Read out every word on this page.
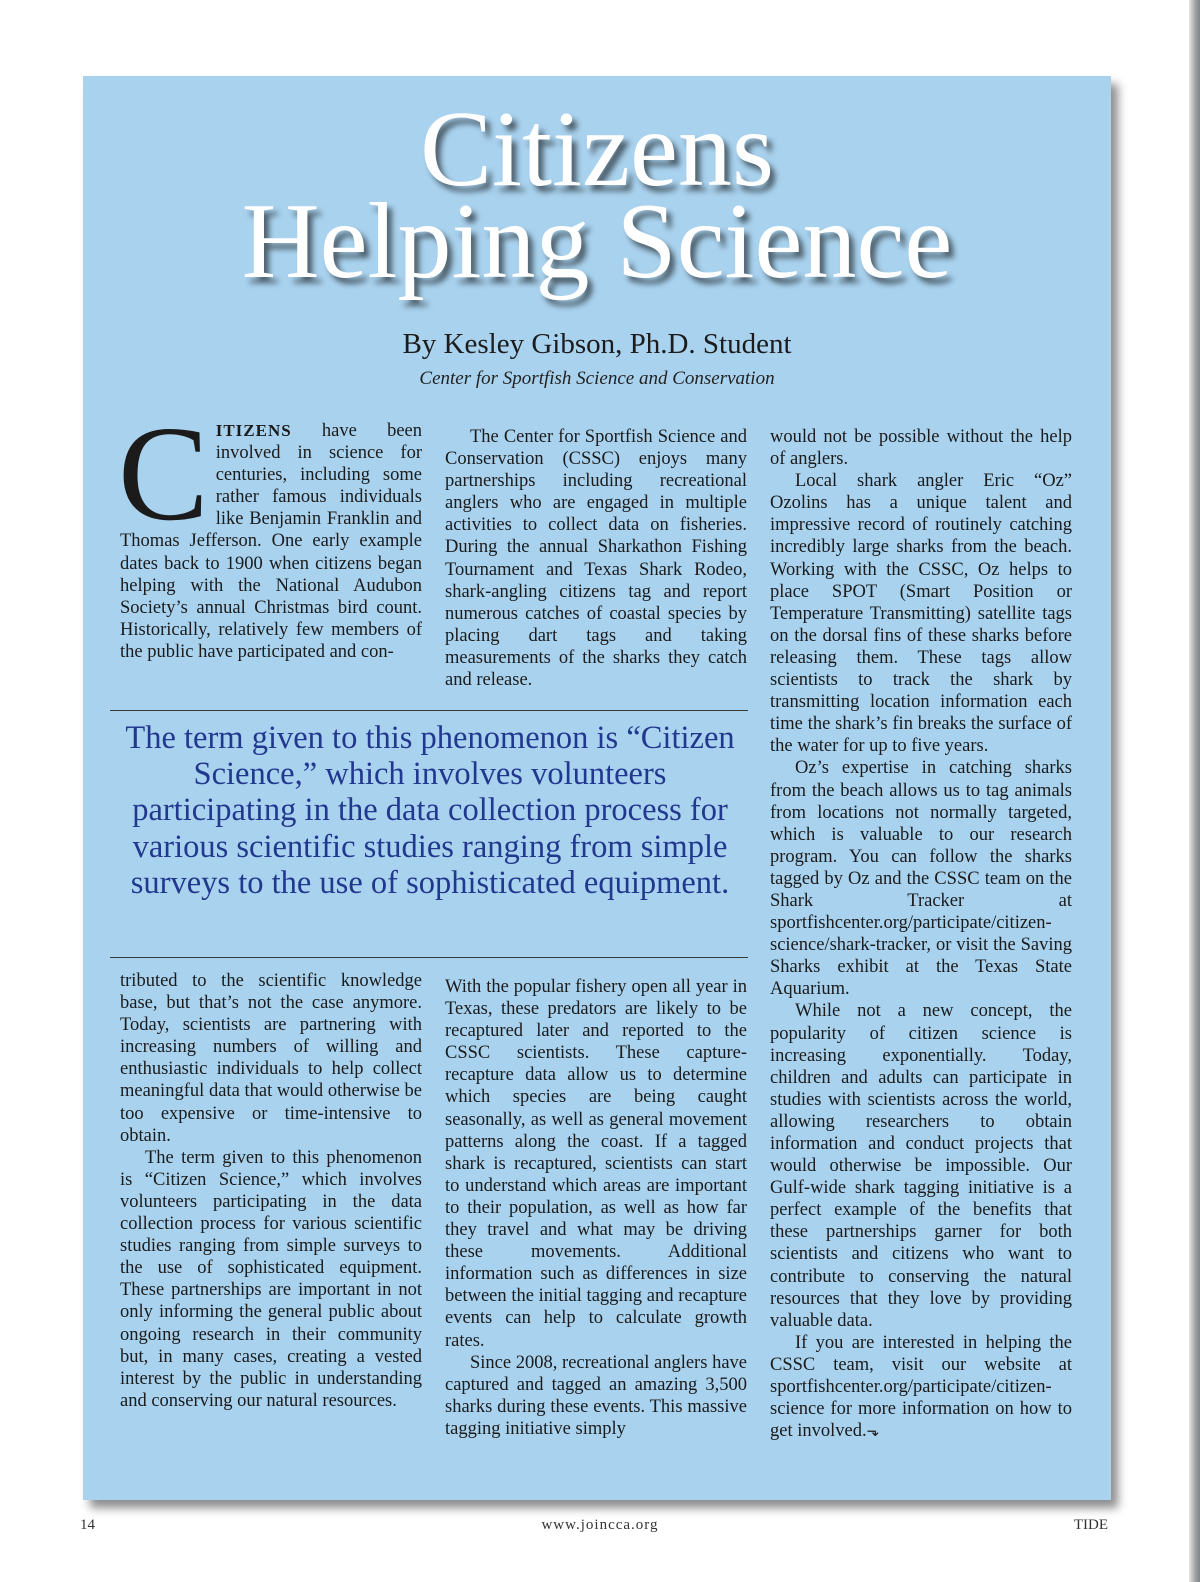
Citizens
Helping Science

By Kesley Gibson, Ph.D. Student

Center for Sportfish Science and Conservation

CITIZENS have been involved in science for centuries, including some rather famous individuals like Benjamin Franklin and Thomas Jefferson. One early example dates back to 1900 when citizens began helping with the National Audubon Society’s annual Christmas bird count. Historically, relatively few members of the public have participated and con-

The Center for Sportfish Science and Conservation (CSSC) enjoys many partnerships including recreational anglers who are engaged in multiple activities to collect data on fisheries. During the annual Sharkathon Fishing Tournament and Texas Shark Rodeo, shark-angling citizens tag and report numerous catches of coastal species by placing dart tags and taking measurements of the sharks they catch and release.

The term given to this phenomenon is “Citizen Science,” which involves volunteers participating in the data collection process for various scientific studies ranging from simple surveys to the use of sophisticated equipment.

tributed to the scientific knowledge base, but that’s not the case anymore. Today, scientists are partnering with increasing numbers of willing and enthusiastic individuals to help collect meaningful data that would otherwise be too expensive or time-intensive to obtain.

The term given to this phenomenon is “Citizen Science,” which involves volunteers participating in the data collection process for various scientific studies ranging from simple surveys to the use of sophisticated equipment. These partnerships are important in not only informing the general public about ongoing research in their community but, in many cases, creating a vested interest by the public in understanding and conserving our natural resources.

With the popular fishery open all year in Texas, these predators are likely to be recaptured later and reported to the CSSC scientists. These capture-recapture data allow us to determine which species are being caught seasonally, as well as general movement patterns along the coast. If a tagged shark is recaptured, scientists can start to understand which areas are important to their population, as well as how far they travel and what may be driving these movements. Additional information such as differences in size between the initial tagging and recapture events can help to calculate growth rates.

Since 2008, recreational anglers have captured and tagged an amazing 3,500 sharks during these events. This massive tagging initiative simply

would not be possible without the help of anglers.

Local shark angler Eric “Oz” Ozolins has a unique talent and impressive record of routinely catching incredibly large sharks from the beach. Working with the CSSC, Oz helps to place SPOT (Smart Position or Temperature Transmitting) satellite tags on the dorsal fins of these sharks before releasing them. These tags allow scientists to track the shark by transmitting location information each time the shark’s fin breaks the surface of the water for up to five years.

Oz’s expertise in catching sharks from the beach allows us to tag animals from locations not normally targeted, which is valuable to our research program. You can follow the sharks tagged by Oz and the CSSC team on the Shark Tracker at sportfishcenter.org/participate/citizen-science/shark-tracker, or visit the Saving Sharks exhibit at the Texas State Aquarium.

While not a new concept, the popularity of citizen science is increasing exponentially. Today, children and adults can participate in studies with scientists across the world, allowing researchers to obtain information and conduct projects that would otherwise be impossible. Our Gulf-wide shark tagging initiative is a perfect example of the benefits that these partnerships garner for both scientists and citizens who want to contribute to conserving the natural resources that they love by providing valuable data.

If you are interested in helping the CSSC team, visit our website at sportfishcenter.org/participate/citizen-science for more information on how to get involved.⬎

14	www.joincca.org	TIDE
